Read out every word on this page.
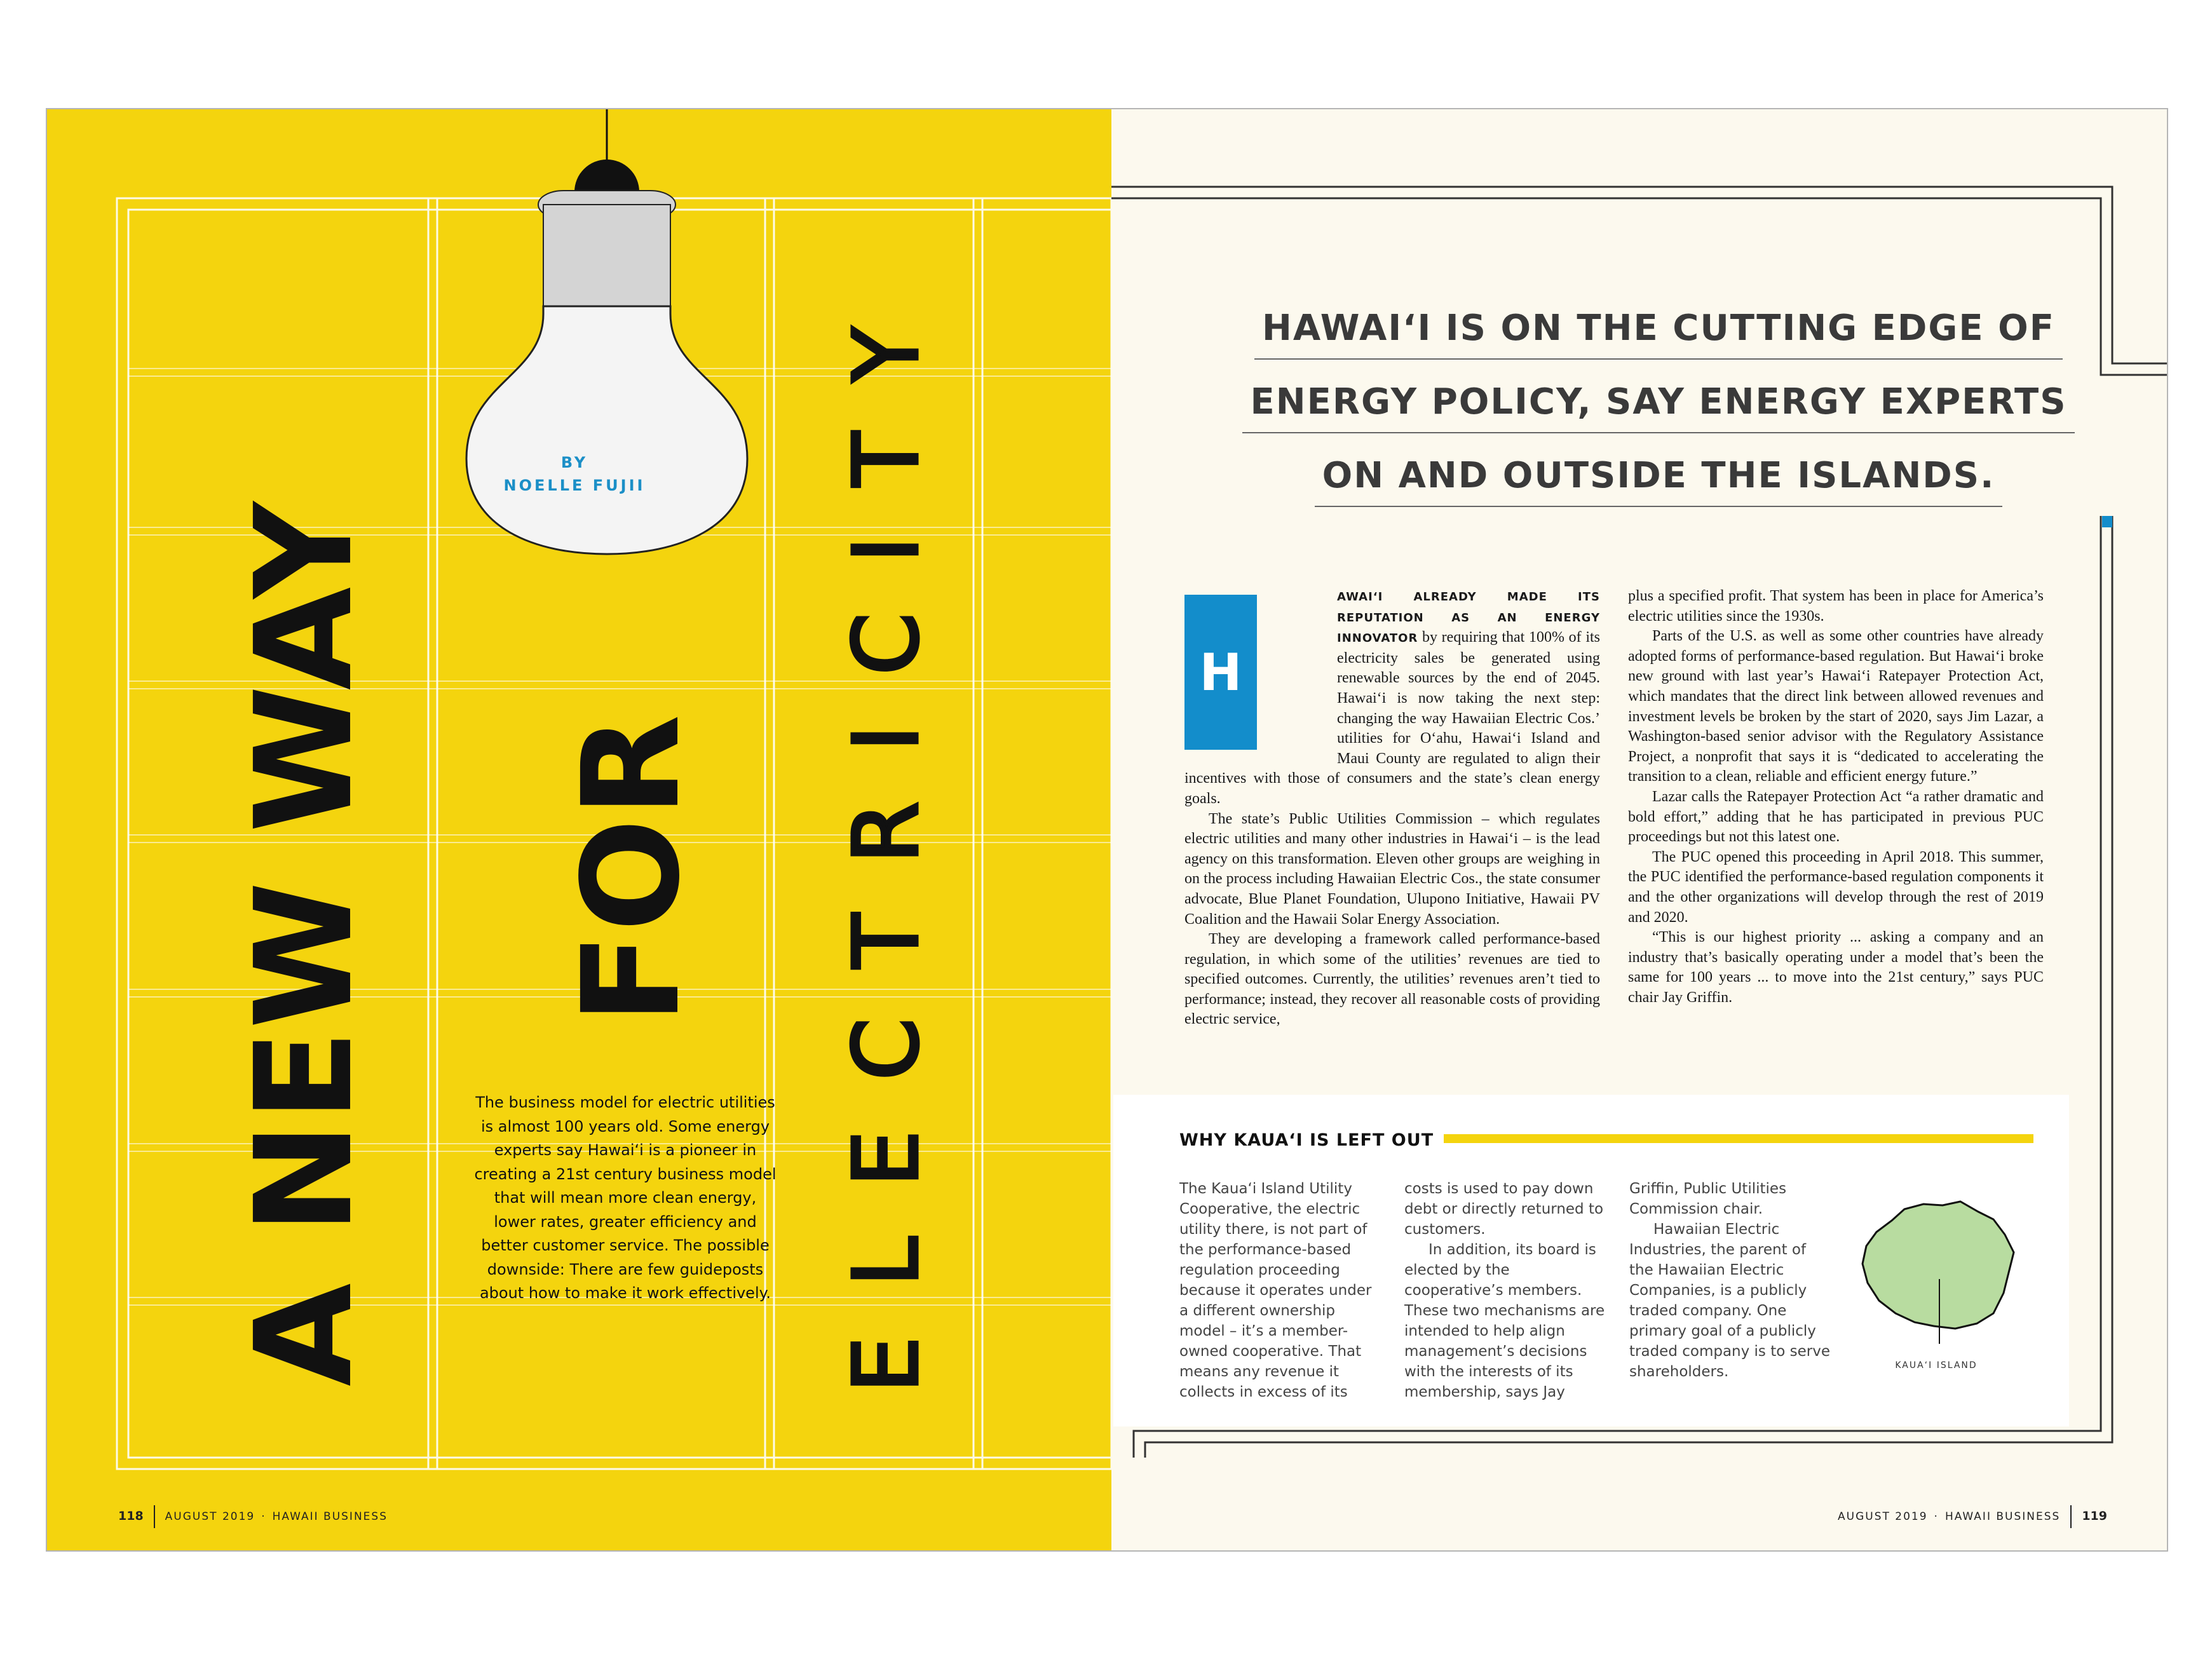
A NEW WAY FOR ELECTRICITY
BY
NOELLE FUJII
The business model for electric utilities is almost 100 years old. Some energy experts say Hawai‘i is a pioneer in creating a 21st century business model that will mean more clean energy, lower rates, greater efficiency and better customer service. The possible downside: There are few guideposts about how to make it work effectively.
118 AUGUST 2019 · HAWAII BUSINESS	AUGUST 2019 · HAWAII BUSINESS 119
HAWAI‘I IS ON THE CUTTING EDGE OF
ENERGY POLICY, SAY ENERGY EXPERTS
ON AND OUTSIDE THE ISLANDS.
H

AWAI‘I ALREADY MADE ITS REPUTATION AS AN ENERGY INNOVATOR by requiring that 100% of its electricity sales be generated using renewable sources by the end of 2045. Hawai‘i is now taking the next step: changing the way Hawaiian Electric Cos.’ utilities for O‘ahu, Hawai‘i Island and Maui County are regulated to align their incentives with those of consumers and the state’s clean energy goals.

The state’s Public Utilities Commission – which regulates electric utilities and many other industries in Hawai‘i – is the lead agency on this transformation. Eleven other groups are weighing in on the process including Hawaiian Electric Cos., the state consumer advocate, Blue Planet Foundation, Ulupono Initiative, Hawaii PV Coalition and the Hawaii Solar Energy Association.

They are developing a framework called performance-based regulation, in which some of the utilities’ revenues are tied to specified outcomes. Currently, the utilities’ revenues aren’t tied to performance; instead, they recover all reasonable costs of providing electric service,

plus a specified profit. That system has been in place for America’s electric utilities since the 1930s.

Parts of the U.S. as well as some other countries have already adopted forms of performance-based regulation. But Hawai‘i broke new ground with last year’s Hawai‘i Ratepayer Protection Act, which mandates that the direct link between allowed revenues and investment levels be broken by the start of 2020, says Jim Lazar, a Washington-based senior advisor with the Regulatory Assistance Project, a nonprofit that says it is “dedicated to accelerating the transition to a clean, reliable and efficient energy future.”

Lazar calls the Ratepayer Protection Act “a rather dramatic and bold effort,” adding that he has participated in previous PUC proceedings but not this latest one.

The PUC opened this proceeding in April 2018. This summer, the PUC identified the performance-based regulation components it and the other organizations will develop through the rest of 2019 and 2020.

“This is our highest priority ... asking a company and an industry that’s basically operating under a model that’s been the same for 100 years ... to move into the 21st century,” says PUC chair Jay Griffin.

WHY KAUA‘I IS LEFT OUT

The Kaua‘i Island Utility Cooperative, the electric utility there, is not part of the performance-based regulation proceeding because it operates under a different ownership model – it’s a member-owned cooperative. That means any revenue it collects in excess of its

costs is used to pay down debt or directly returned to customers.

In addition, its board is elected by the cooperative’s members. These two mechanisms are intended to help align management’s decisions with the interests of its membership, says Jay

Griffin, Public Utilities Commission chair.

Hawaiian Electric Industries, the parent of the Hawaiian Electric Companies, is a publicly traded company. One primary goal of a publicly traded company is to serve shareholders.	KAUA‘I ISLAND
